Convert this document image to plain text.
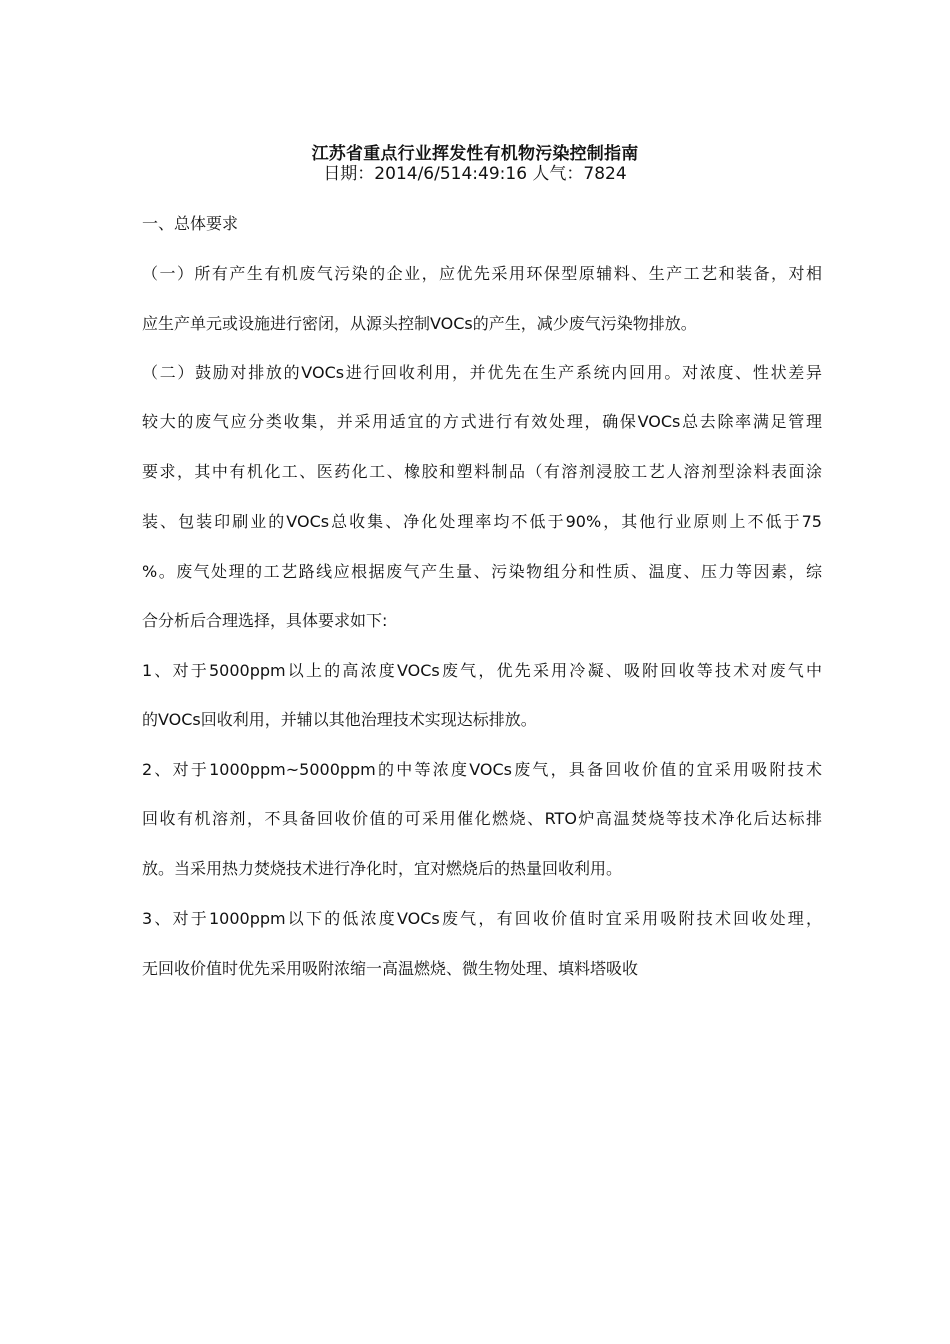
江苏省重点行业挥发性有机物污染控制指南
日期：2014/6/514:49:16 人气：7824
一、总体要求
（一）所有产生有机废气污染的企业，应优先采用环保型原辅料、生产工艺和装备，对相
应生产单元或设施进行密闭，从源头控制VOCs的产生，减少废气污染物排放。
（二）鼓励对排放的VOCs进行回收利用，并优先在生产系统内回用。对浓度、性状差异
较大的废气应分类收集，并采用适宜的方式进行有效处理，确保VOCs总去除率满足管理
要求，其中有机化工、医药化工、橡胶和塑料制品（有溶剂浸胶工艺人溶剂型涂料表面涂
装、包装印刷业的VOCs总收集、净化处理率均不低于90%，其他行业原则上不低于75
%。废气处理的工艺路线应根据废气产生量、污染物组分和性质、温度、压力等因素，综
合分析后合理选择，具体要求如下:
1、对于5000ppm以上的高浓度VOCs废气，优先采用冷凝、吸附回收等技术对废气中
的VOCs回收利用，并辅以其他治理技术实现达标排放。
2、对于1000ppm~5000ppm的中等浓度VOCs废气，具备回收价值的宜采用吸附技术
回收有机溶剂，不具备回收价值的可采用催化燃烧、RTO炉高温焚烧等技术净化后达标排
放。当采用热力焚烧技术进行净化时，宜对燃烧后的热量回收利用。
3、对于1000ppm以下的低浓度VOCs废气，有回收价值时宜采用吸附技术回收处理，
无回收价值时优先采用吸附浓缩一高温燃烧、微生物处理、填料塔吸收
